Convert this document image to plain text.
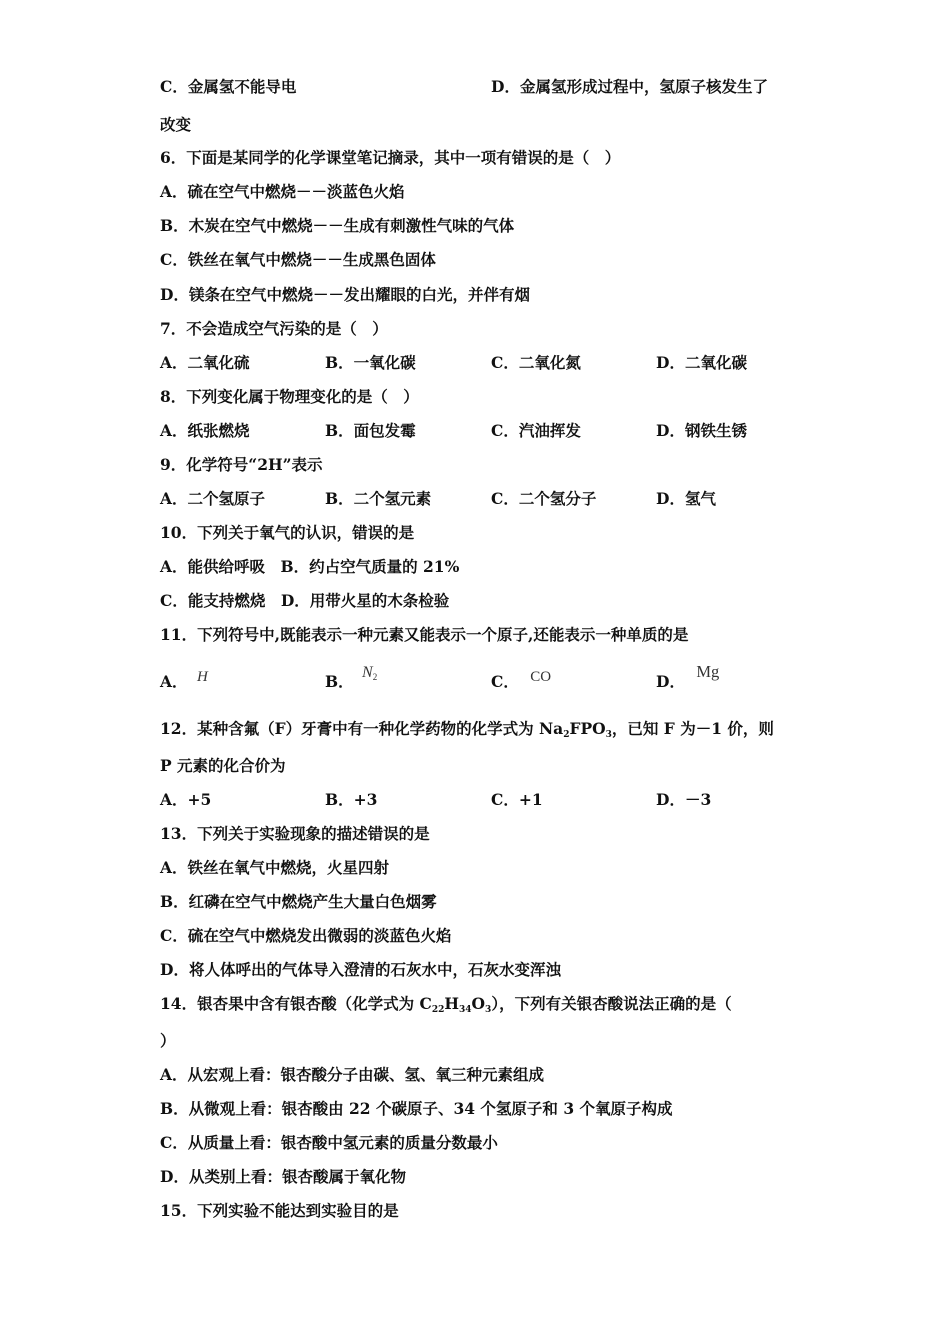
C．金属氢不能导电	D．金属氢形成过程中，氢原子核发生了
改变
6．下面是某同学的化学课堂笔记摘录，其中一项有错误的是（　）
A．硫在空气中燃烧－－淡蓝色火焰
B．木炭在空气中燃烧－－生成有刺激性气味的气体
C．铁丝在氧气中燃烧－－生成黑色固体
D．镁条在空气中燃烧－－发出耀眼的白光，并伴有烟
7．不会造成空气污染的是（　）
A．二氧化硫	B．一氧化碳	C．二氧化氮	D．二氧化碳
8．下列变化属于物理变化的是（　）
A．纸张燃烧	B．面包发霉	C．汽油挥发	D．钢铁生锈
9．化学符号“2H”表示
A．二个氢原子	B．二个氢元素	C．二个氢分子	D．氢气
10．下列关于氧气的认识，错误的是
A．能供给呼吸　B．约占空气质量的 21%
C．能支持燃烧　D．用带火星的木条检验
11．下列符号中,既能表示一种元素又能表示一个原子,还能表示一种单质的是
A． H	B． $N_2$	C． CO	D． Mg
12．某种含氟（F）牙膏中有一种化学药物的化学式为 $Na_2FPO_3$，已知 F 为－1 价，则
P 元素的化合价为
A．+5	B．+3	C．+1	D．－3
13．下列关于实验现象的描述错误的是
A．铁丝在氧气中燃烧，火星四射
B．红磷在空气中燃烧产生大量白色烟雾
C．硫在空气中燃烧发出微弱的淡蓝色火焰
D．将人体呼出的气体导入澄清的石灰水中，石灰水变浑浊
14．银杏果中含有银杏酸（化学式为 $C_{22}H_{34}O_3$），下列有关银杏酸说法正确的是（
）
A．从宏观上看：银杏酸分子由碳、氢、氧三种元素组成
B．从微观上看：银杏酸由 22 个碳原子、34 个氢原子和 3 个氧原子构成
C．从质量上看：银杏酸中氢元素的质量分数最小
D．从类别上看：银杏酸属于氧化物
15．下列实验不能达到实验目的是
